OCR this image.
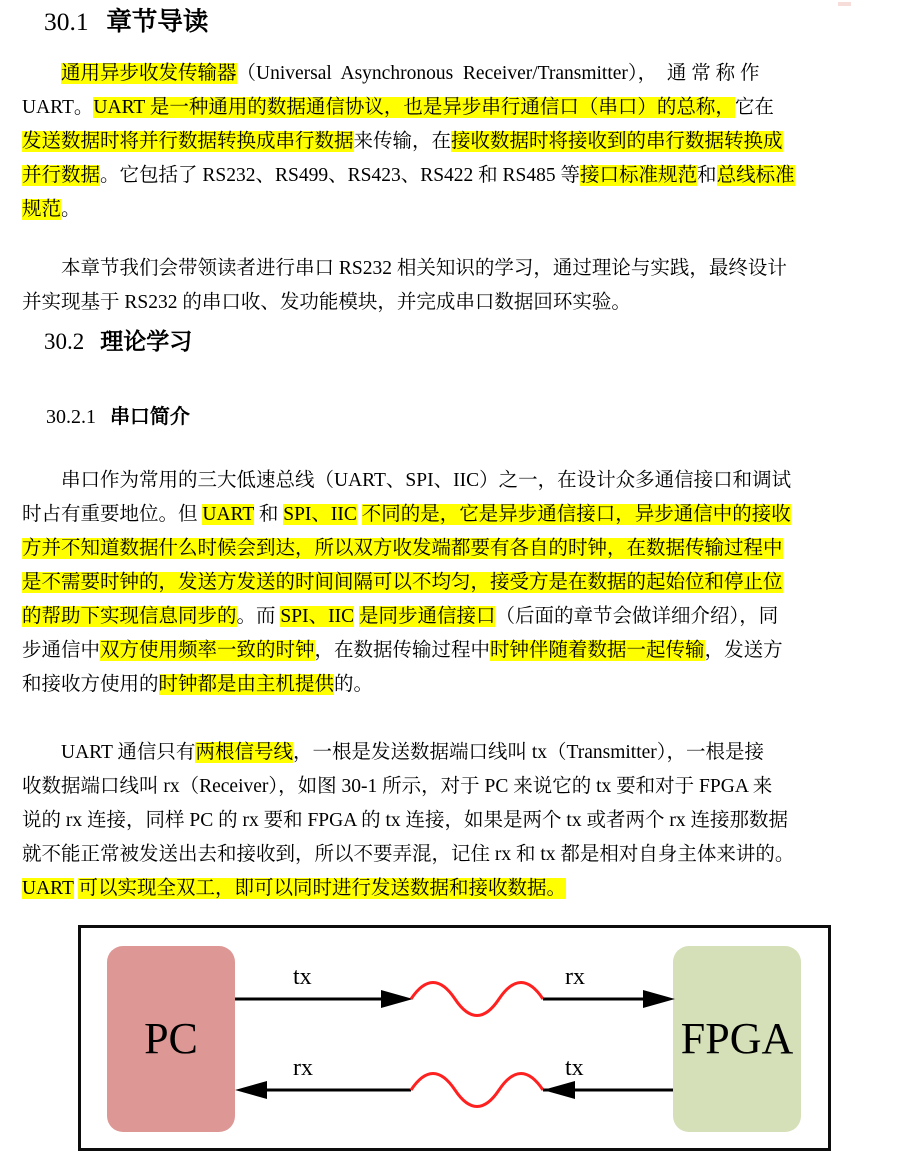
30.1 章节导读
　　通用异步收发传输器（Universal  Asynchronous  Receiver/Transmitter），  通 常 称 作
UART。UART 是一种通用的数据通信协议，也是异步串行通信口（串口）的总称，它在
发送数据时将并行数据转换成串行数据来传输，在接收数据时将接收到的串行数据转换成
并行数据。它包括了 RS232、RS499、RS423、RS422 和 RS485 等接口标准规范和总线标准
规范。
　　本章节我们会带领读者进行串口 RS232 相关知识的学习，通过理论与实践，最终设计
并实现基于 RS232 的串口收、发功能模块，并完成串口数据回环实验。
30.2 理论学习
30.2.1 串口简介
　　串口作为常用的三大低速总线（UART、SPI、IIC）之一，在设计众多通信接口和调试
时占有重要地位。但 UART 和 SPI、IIC 不同的是，它是异步通信接口，异步通信中的接收
方并不知道数据什么时候会到达，所以双方收发端都要有各自的时钟，在数据传输过程中
是不需要时钟的，发送方发送的时间间隔可以不均匀，接受方是在数据的起始位和停止位
的帮助下实现信息同步的。而 SPI、IIC 是同步通信接口（后面的章节会做详细介绍），同
步通信中双方使用频率一致的时钟，在数据传输过程中时钟伴随着数据一起传输，发送方
和接收方使用的时钟都是由主机提供的。
　　UART 通信只有两根信号线，一根是发送数据端口线叫 tx（Transmitter），一根是接
收数据端口线叫 rx（Receiver），如图 30-1 所示，对于 PC 来说它的 tx 要和对于 FPGA 来
说的 rx 连接，同样 PC 的 rx 要和 FPGA 的 tx 连接，如果是两个 tx 或者两个 rx 连接那数据
就不能正常被发送出去和接收到，所以不要弄混，记住 rx 和 tx 都是相对自身主体来讲的。
UART 可以实现全双工，即可以同时进行发送数据和接收数据。
PC	FPGA
tx	rx
rx	tx
